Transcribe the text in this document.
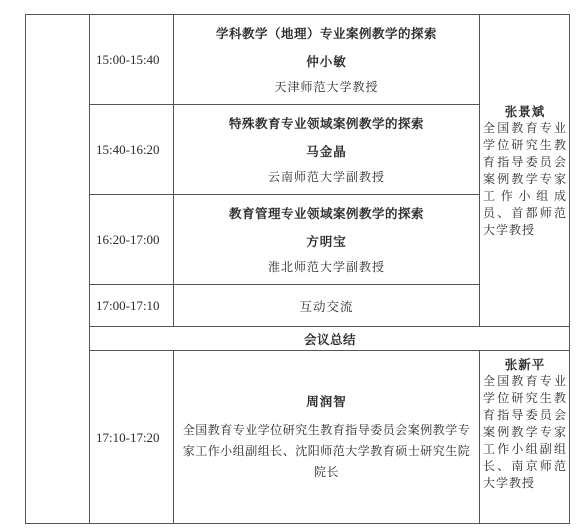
15:00-15:40
学科教学（地理）专业案例教学的探索
仲小敏
天津师范大学教授
15:40-16:20
特殊教育专业领域案例教学的探索
马金晶
云南师范大学副教授
16:20-17:00
教育管理专业领域案例教学的探索
方明宝
淮北师范大学副教授
17:00-17:10	互动交流
张景斌
全国教育专业学位研究生教育指导委员会案例教学专家工作小组成员、首都师范大学教授
会议总结
17:10-17:20
周润智
全国教育专业学位研究生教育指导委员会案例教学专家工作小组副组长、沈阳师范大学教育硕士研究生院院长
张新平
全国教育专业学位研究生教育指导委员会案例教学专家工作小组副组长、南京师范大学教授
